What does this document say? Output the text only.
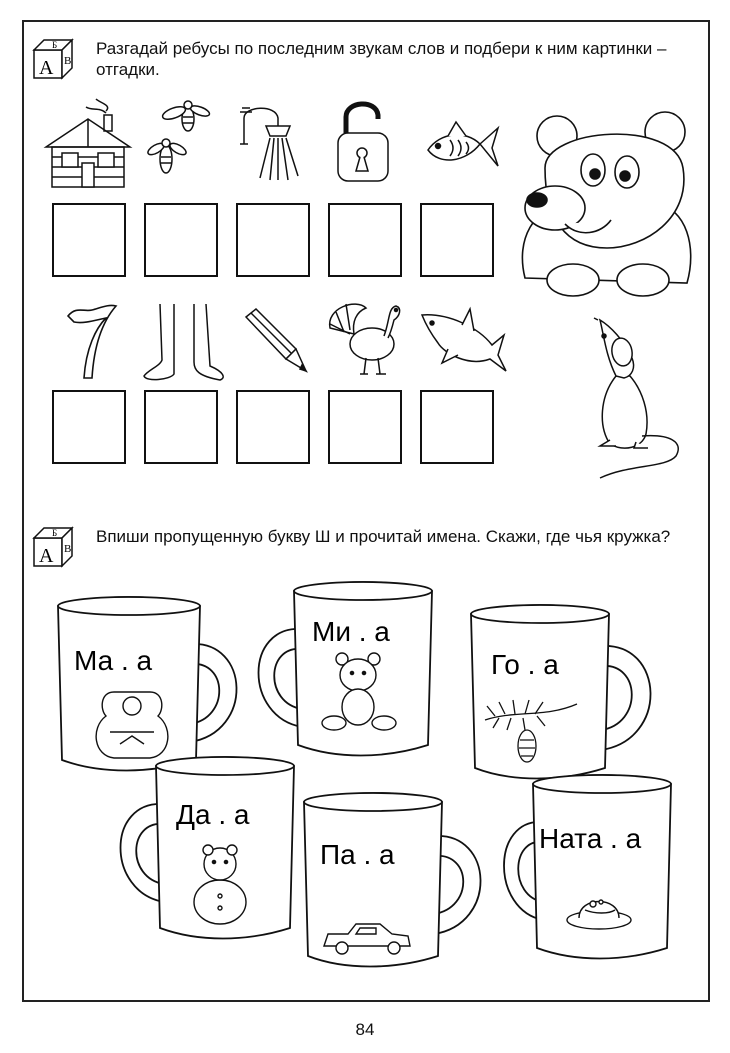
Б
А В
Разгадай ребусы по последним звукам слов и подбери к ним картинки – отгадки.
Б
А В
Впиши пропущенную букву Ш и прочитай имена. Скажи, где чья кружка?
Ма . а
Ми . а
Го . а
Да . а
Па . а
Ната . а
84
